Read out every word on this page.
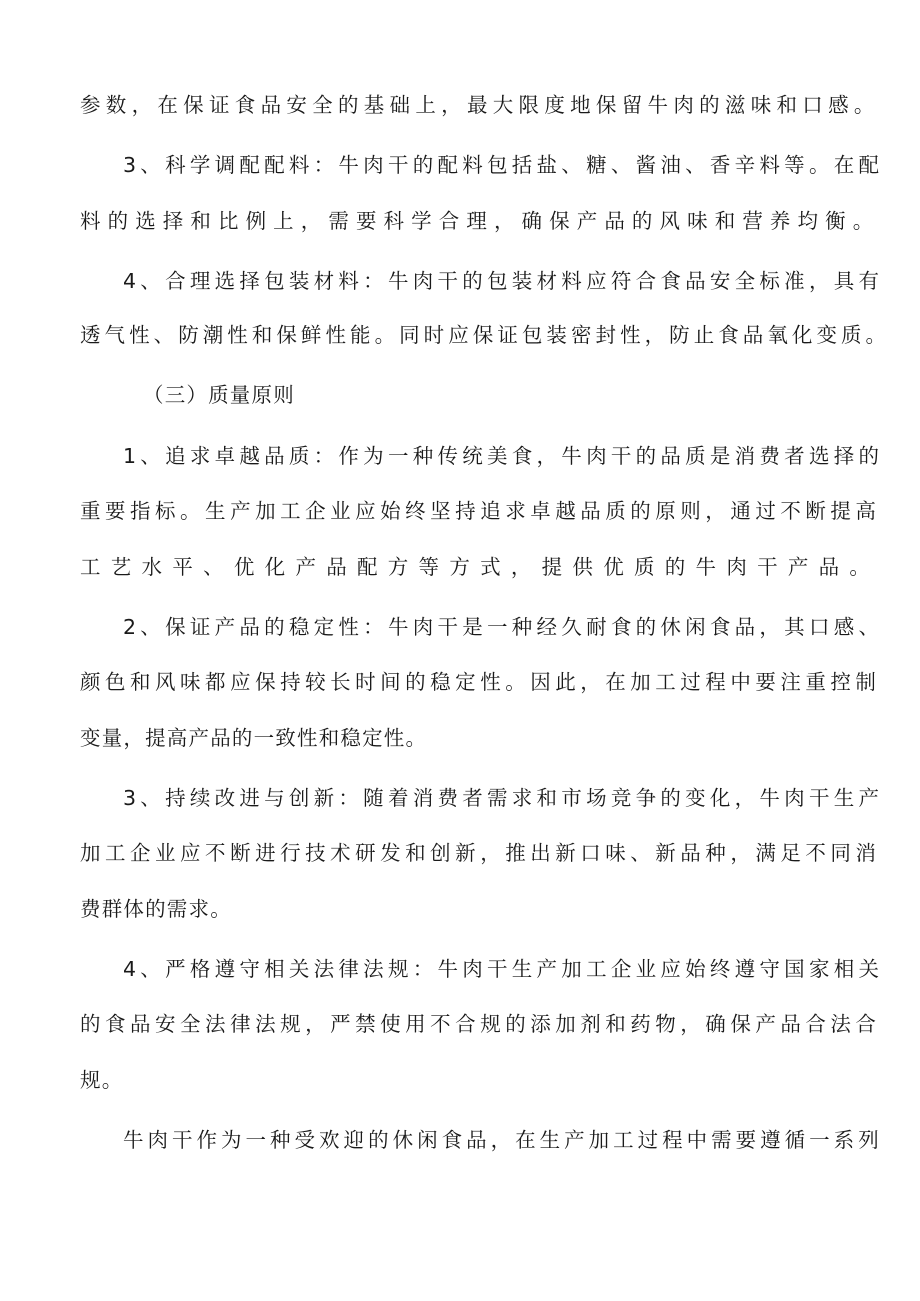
参数，在保证食品安全的基础上，最大限度地保留牛肉的滋味和口感。
3、科学调配配料：牛肉干的配料包括盐、糖、酱油、香辛料等。在配
料的选择和比例上，需要科学合理，确保产品的风味和营养均衡。
4、合理选择包装材料：牛肉干的包装材料应符合食品安全标准，具有
透气性、防潮性和保鲜性能。同时应保证包装密封性，防止食品氧化变质。
（三）质量原则
1、追求卓越品质：作为一种传统美食，牛肉干的品质是消费者选择的
重要指标。生产加工企业应始终坚持追求卓越品质的原则，通过不断提高
工艺水平、优化产品配方等方式，提供优质的牛肉干产品。
2、保证产品的稳定性：牛肉干是一种经久耐食的休闲食品，其口感、
颜色和风味都应保持较长时间的稳定性。因此，在加工过程中要注重控制
变量，提高产品的一致性和稳定性。
3、持续改进与创新：随着消费者需求和市场竞争的变化，牛肉干生产
加工企业应不断进行技术研发和创新，推出新口味、新品种，满足不同消
费群体的需求。
4、严格遵守相关法律法规：牛肉干生产加工企业应始终遵守国家相关
的食品安全法律法规，严禁使用不合规的添加剂和药物，确保产品合法合
规。
牛肉干作为一种受欢迎的休闲食品，在生产加工过程中需要遵循一系列
